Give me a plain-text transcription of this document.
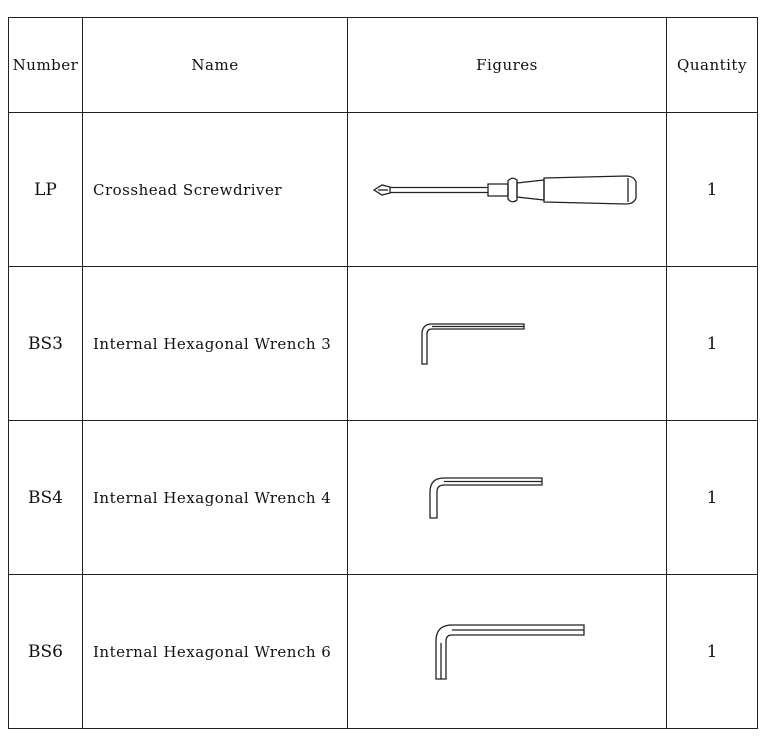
Number	Name	Figures	Quantity
LP	Crosshead Screwdriver		1
BS3	Internal Hexagonal Wrench 3		1
BS4	Internal Hexagonal Wrench 4		1
BS6	Internal Hexagonal Wrench 6		1
